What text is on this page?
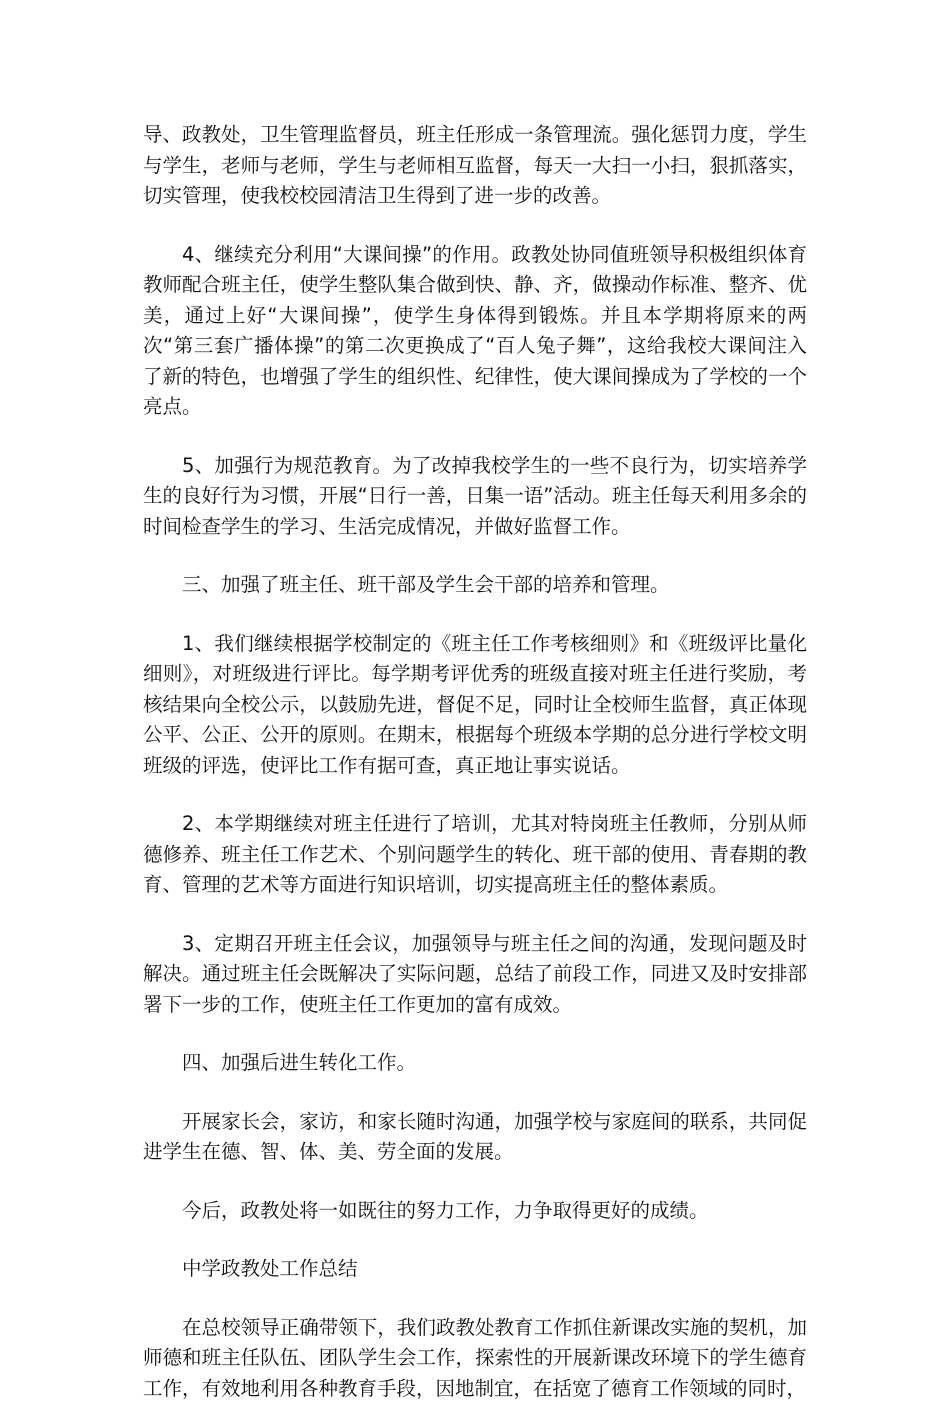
导、政教处，卫生管理监督员，班主任形成一条管理流。强化惩罚力度，学生与学生，老师与老师，学生与老师相互监督，每天一大扫一小扫，狠抓落实，切实管理，使我校校园清洁卫生得到了进一步的改善。

4、继续充分利用“大课间操”的作用。政教处协同值班领导积极组织体育教师配合班主任，使学生整队集合做到快、静、齐，做操动作标准、整齐、优美，通过上好“大课间操”，使学生身体得到锻炼。并且本学期将原来的两次“第三套广播体操”的第二次更换成了“百人兔子舞”，这给我校大课间注入了新的特色，也增强了学生的组织性、纪律性，使大课间操成为了学校的一个亮点。

5、加强行为规范教育。为了改掉我校学生的一些不良行为，切实培养学生的良好行为习惯，开展“日行一善，日集一语”活动。班主任每天利用多余的时间检查学生的学习、生活完成情况，并做好监督工作。

三、加强了班主任、班干部及学生会干部的培养和管理。

1、我们继续根据学校制定的《班主任工作考核细则》和《班级评比量化细则》，对班级进行评比。每学期考评优秀的班级直接对班主任进行奖励，考核结果向全校公示，以鼓励先进，督促不足，同时让全校师生监督，真正体现公平、公正、公开的原则。在期末，根据每个班级本学期的总分进行学校文明班级的评选，使评比工作有据可查，真正地让事实说话。

2、本学期继续对班主任进行了培训，尤其对特岗班主任教师，分别从师德修养、班主任工作艺术、个别问题学生的转化、班干部的使用、青春期的教育、管理的艺术等方面进行知识培训，切实提高班主任的整体素质。

3、定期召开班主任会议，加强领导与班主任之间的沟通，发现问题及时解决。通过班主任会既解决了实际问题，总结了前段工作，同进又及时安排部署下一步的工作，使班主任工作更加的富有成效。

四、加强后进生转化工作。

开展家长会，家访，和家长随时沟通，加强学校与家庭间的联系，共同促进学生在德、智、体、美、劳全面的发展。

今后，政教处将一如既往的努力工作，力争取得更好的成绩。

中学政教处工作总结

在总校领导正确带领下，我们政教处教育工作抓住新课改实施的契机，加师德和班主任队伍、团队学生会工作，探索性的开展新课改环境下的学生德育工作，有效地利用各种教育手段，因地制宜，在括宽了德育工作领域的同时，
